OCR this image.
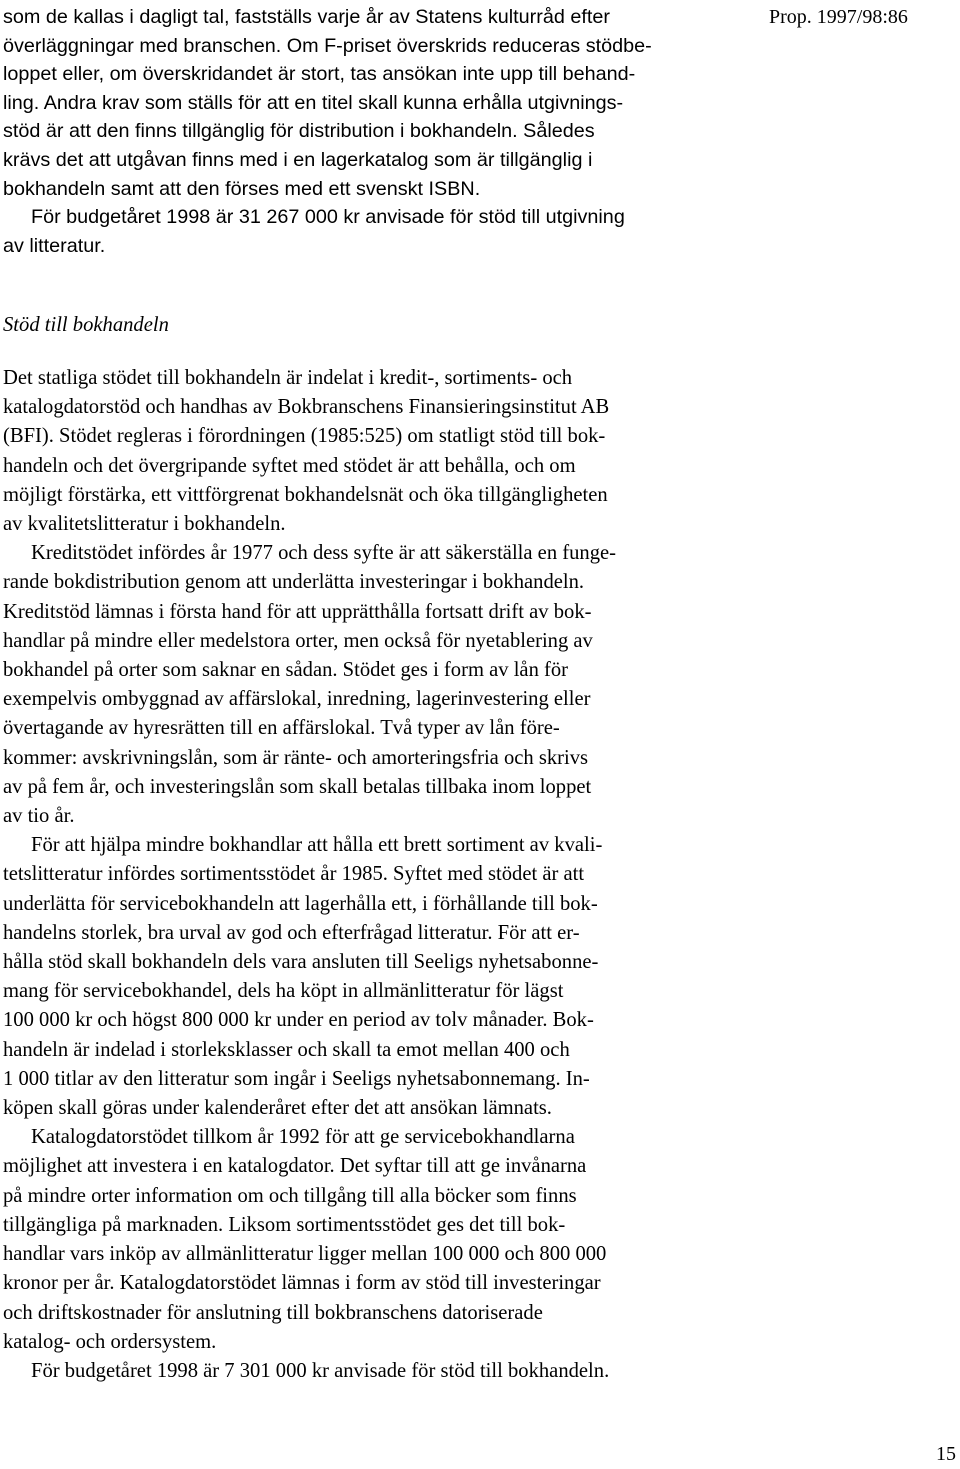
Prop. 1997/98:86

som de kallas i dagligt tal, fastställs varje år av Statens kulturråd efter
överläggningar med branschen. Om F-priset överskrids reduceras stödbe-
loppet eller, om överskridandet är stort, tas ansökan inte upp till behand-
ling. Andra krav som ställs för att en titel skall kunna erhålla utgivnings-
stöd är att den finns tillgänglig för distribution i bokhandeln. Således
krävs det att utgåvan finns med i en lagerkatalog som är tillgänglig i
bokhandeln samt att den förses med ett svenskt ISBN.

För budgetåret 1998 är 31 267 000 kr anvisade för stöd till utgivning
av litteratur.

Stöd till bokhandeln

Det statliga stödet till bokhandeln är indelat i kredit-, sortiments- och
katalogdatorstöd och handhas av Bokbranschens Finansieringsinstitut AB
(BFI). Stödet regleras i förordningen (1985:525) om statligt stöd till bok-
handeln och det övergripande syftet med stödet är att behålla, och om
möjligt förstärka, ett vittförgrenat bokhandelsnät och öka tillgängligheten
av kvalitetslitteratur i bokhandeln.

Kreditstödet infördes år 1977 och dess syfte är att säkerställa en funge-
rande bokdistribution genom att underlätta investeringar i bokhandeln.
Kreditstöd lämnas i första hand för att upprätthålla fortsatt drift av bok-
handlar på mindre eller medelstora orter, men också för nyetablering av
bokhandel på orter som saknar en sådan. Stödet ges i form av lån för
exempelvis ombyggnad av affärslokal, inredning, lagerinvestering eller
övertagande av hyresrätten till en affärslokal. Två typer av lån före-
kommer: avskrivningslån, som är ränte- och amorteringsfria och skrivs
av på fem år, och investeringslån som skall betalas tillbaka inom loppet
av tio år.

För att hjälpa mindre bokhandlar att hålla ett brett sortiment av kvali-
tetslitteratur infördes sortimentsstödet år 1985. Syftet med stödet är att
underlätta för servicebokhandeln att lagerhålla ett, i förhållande till bok-
handelns storlek, bra urval av god och efterfrågad litteratur. För att er-
hålla stöd skall bokhandeln dels vara ansluten till Seeligs nyhetsabonne-
mang för servicebokhandel, dels ha köpt in allmänlitteratur för lägst
100 000 kr och högst 800 000 kr under en period av tolv månader. Bok-
handeln är indelad i storleksklasser och skall ta emot mellan 400 och
1 000 titlar av den litteratur som ingår i Seeligs nyhetsabonnemang. In-
köpen skall göras under kalenderåret efter det att ansökan lämnats.

Katalogdatorstödet tillkom år 1992 för att ge servicebokhandlarna
möjlighet att investera i en katalogdator. Det syftar till att ge invånarna
på mindre orter information om och tillgång till alla böcker som finns
tillgängliga på marknaden. Liksom sortimentsstödet ges det till bok-
handlar vars inköp av allmänlitteratur ligger mellan 100 000 och 800 000
kronor per år. Katalogdatorstödet lämnas i form av stöd till investeringar
och driftskostnader för anslutning till bokbranschens datoriserade
katalog- och ordersystem.

För budgetåret 1998 är 7 301 000 kr anvisade för stöd till bokhandeln.

15
